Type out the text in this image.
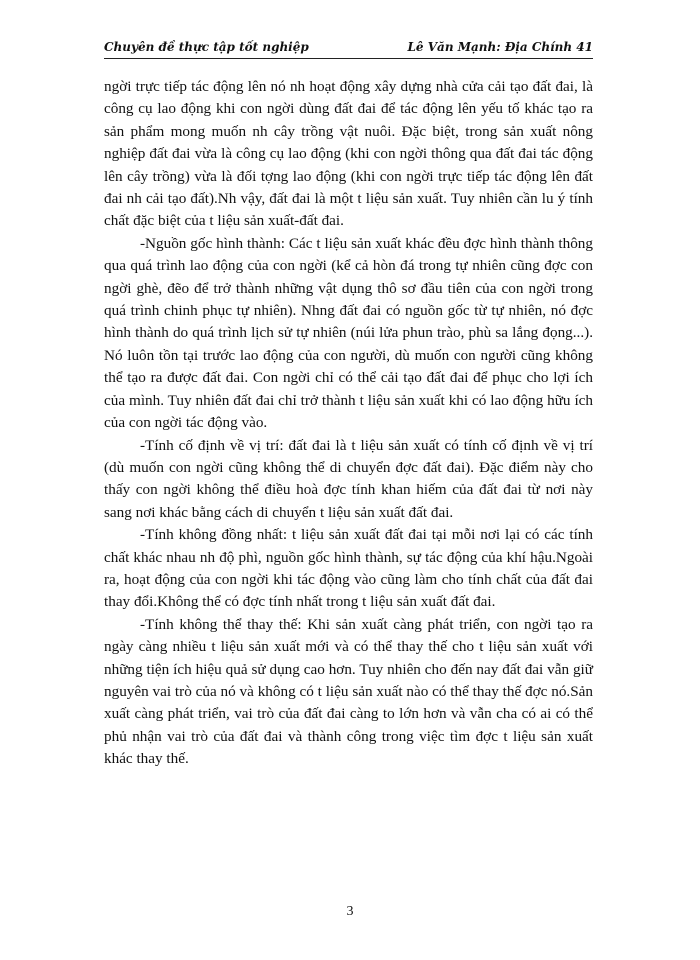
Chuyên đề thực tập tốt nghiệp	Lê Văn Mạnh: Địa Chính 41

ngời trực tiếp tác động lên nó nh hoạt động xây dựng nhà cửa cải tạo đất đai, là công cụ lao động khi con ngời dùng đất đai để tác động lên yếu tố khác tạo ra sản phẩm mong muốn nh cây trồng vật nuôi. Đặc biệt, trong sản xuất nông nghiệp đất đai vừa là công cụ lao động (khi con ngời thông qua đất đai tác động lên cây trồng) vừa là đối tợng lao động (khi con ngời trực tiếp tác động lên đất đai nh cải tạo đất).Nh vậy, đất đai là một t liệu sản xuất. Tuy nhiên cần lu ý tính chất đặc biệt của t liệu sản xuất-đất đai.

-Nguồn gốc hình thành: Các t liệu sản xuất khác đều đợc hình thành thông qua quá trình lao động của con ngời (kể cả hòn đá trong tự nhiên cũng đợc con ngời ghè, đẽo để trở thành những vật dụng thô sơ đầu tiên của con ngời trong quá trình chinh phục tự nhiên). Nhng đất đai có nguồn gốc từ tự nhiên, nó đợc hình thành do quá trình lịch sử tự nhiên (núi lửa phun trào, phù sa lắng đọng...). Nó luôn tồn tại trước lao động của con người, dù muốn con người cũng không thể tạo ra được đất đai. Con ngời chỉ có thể cải tạo đất đai để phục cho lợi ích của mình. Tuy nhiên đất đai chỉ trở thành t liệu sản xuất khi có lao động hữu ích của con ngời tác động vào.

-Tính cố định về vị trí: đất đai là t liệu sản xuất có tính cố định về vị trí (dù muốn con ngời cũng không thể di chuyển đợc đất đai). Đặc điểm này cho thấy con ngời không thể điều hoà đợc tính khan hiếm của đất đai từ nơi này sang nơi khác bằng cách di chuyển t liệu sản xuất đất đai.

-Tính không đồng nhất: t liệu sản xuất đất đai tại mỗi nơi lại có các tính chất khác nhau nh độ phì, nguồn gốc hình thành, sự tác động của khí hậu.Ngoài ra, hoạt động của con ngời khi tác động vào cũng làm cho tính chất của đất đai thay đổi.Không thể có đợc tính nhất trong t liệu sản xuất đất đai.

-Tính không thể thay thế: Khi sản xuất càng phát triển, con ngời tạo ra ngày càng nhiều t liệu sản xuất mới và có thể thay thế cho t liệu sản xuất với những tiện ích hiệu quả sử dụng cao hơn. Tuy nhiên cho đến nay đất đai vẫn giữ nguyên vai trò của nó và không có t liệu sản xuất nào có thể thay thế đợc nó.Sản xuất càng phát triển, vai trò của đất đai càng to lớn hơn và vẫn cha có ai có thể phủ nhận vai trò của đất đai và thành công trong việc tìm đợc t liệu sản xuất khác thay thế.

3
